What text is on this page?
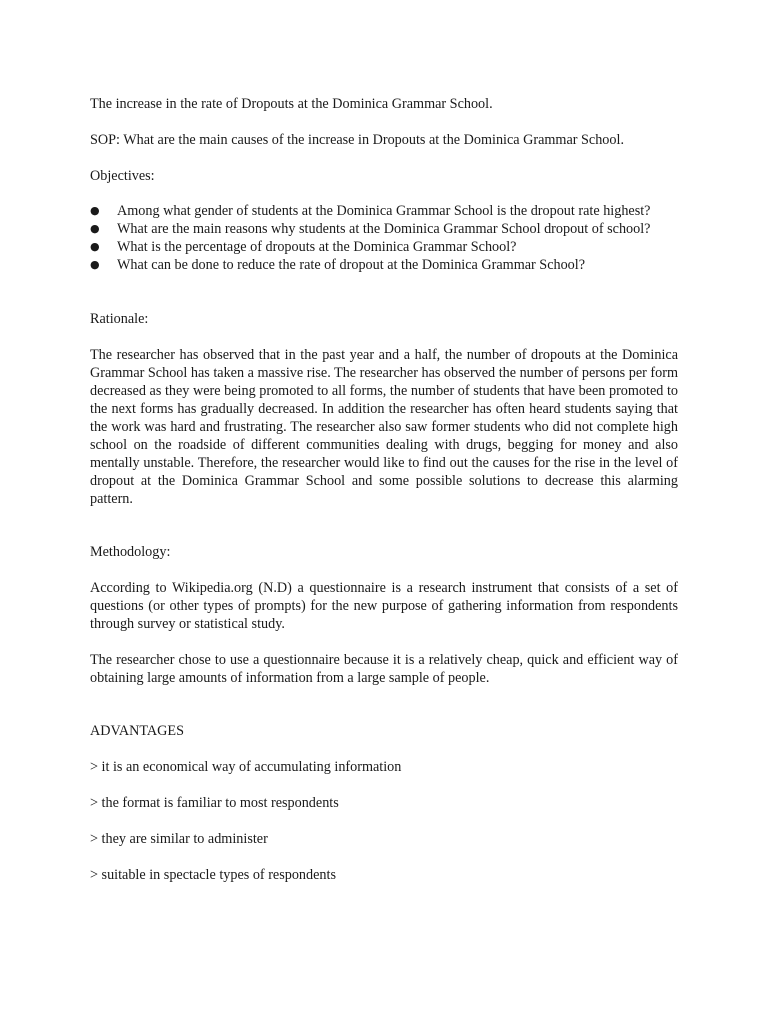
The increase in the rate of Dropouts at the Dominica Grammar School.

SOP: What are the main causes of the increase in Dropouts at the Dominica Grammar School.

Objectives:

● Among what gender of students at the Dominica Grammar School is the dropout rate highest?
● What are the main reasons why students at the Dominica Grammar School dropout of school?
● What is the percentage of dropouts at the Dominica Grammar School?
● What can be done to reduce the rate of dropout at the Dominica Grammar School?

Rationale:

The researcher has observed that in the past year and a half, the number of dropouts at the Dominica Grammar School has taken a massive rise. The researcher has observed the number of persons per form decreased as they were being promoted to all forms, the number of students that have been promoted to the next forms has gradually decreased. In addition the researcher has often heard students saying that the work was hard and frustrating. The researcher also saw former students who did not complete high school on the roadside of different communities dealing with drugs, begging for money and also mentally unstable. Therefore, the researcher would like to find out the causes for the rise in the level of dropout at the Dominica Grammar School and some possible solutions to decrease this alarming pattern.

Methodology:

According to Wikipedia.org (N.D) a questionnaire is a research instrument that consists of a set of questions (or other types of prompts) for the new purpose of gathering information from respondents through survey or statistical study.

The researcher chose to use a questionnaire because it is a relatively cheap, quick and efficient way of obtaining large amounts of information from a large sample of people.

ADVANTAGES

> it is an economical way of accumulating information

> the format is familiar to most respondents

> they are similar to administer

> suitable in spectacle types of respondents
